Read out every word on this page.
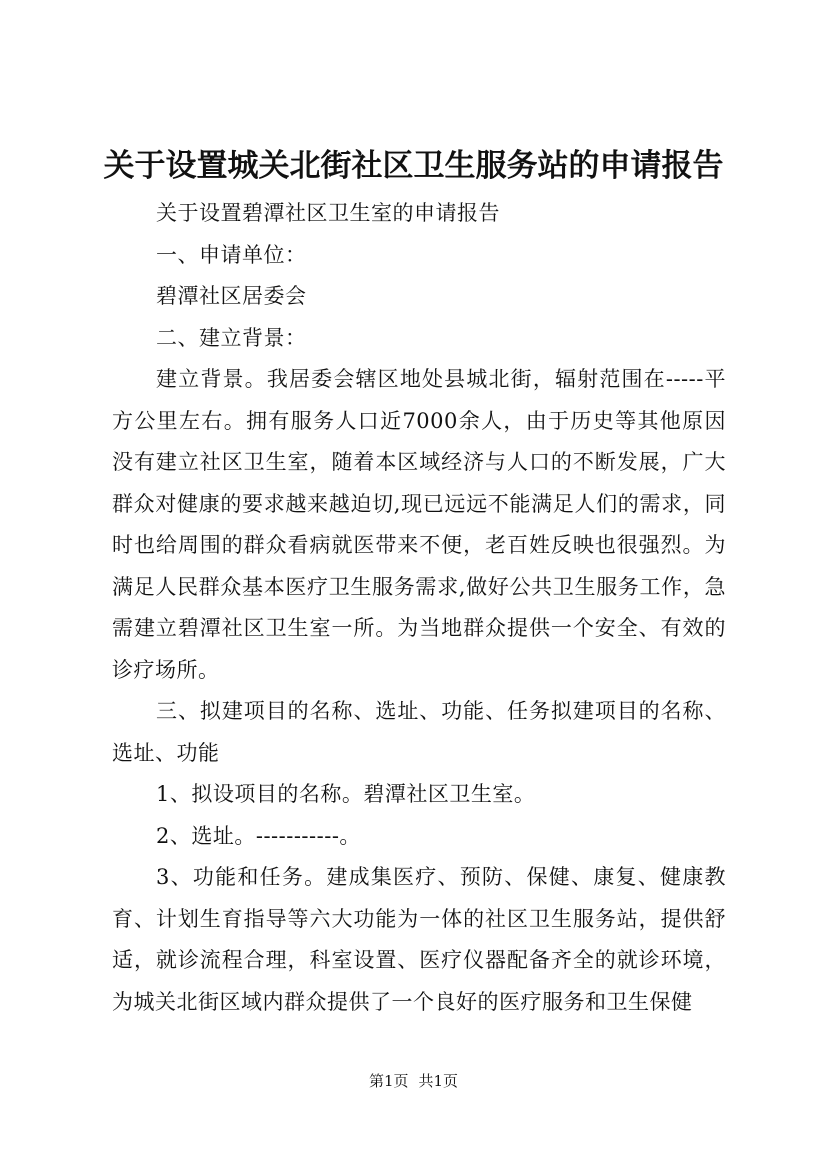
关于设置城关北街社区卫生服务站的申请报告

关于设置碧潭社区卫生室的申请报告

一、申请单位：

碧潭社区居委会

二、建立背景：

建立背景。我居委会辖区地处县城北街，辐射范围在-----平方公里左右。拥有服务人口近7000余人，由于历史等其他原因没有建立社区卫生室，随着本区域经济与人口的不断发展，广大群众对健康的要求越来越迫切,现已远远不能满足人们的需求，同时也给周围的群众看病就医带来不便，老百姓反映也很强烈。为满足人民群众基本医疗卫生服务需求,做好公共卫生服务工作，急需建立碧潭社区卫生室一所。为当地群众提供一个安全、有效的诊疗场所。

三、拟建项目的名称、选址、功能、任务拟建项目的名称、选址、功能

1、拟设项目的名称。碧潭社区卫生室。

2、选址。-----------。

3、功能和任务。建成集医疗、预防、保健、康复、健康教育、计划生育指导等六大功能为一体的社区卫生服务站，提供舒适，就诊流程合理，科室设置、医疗仪器配备齐全的就诊环境，为城关北街区域内群众提供了一个良好的医疗服务和卫生保健

第1页 共1页
